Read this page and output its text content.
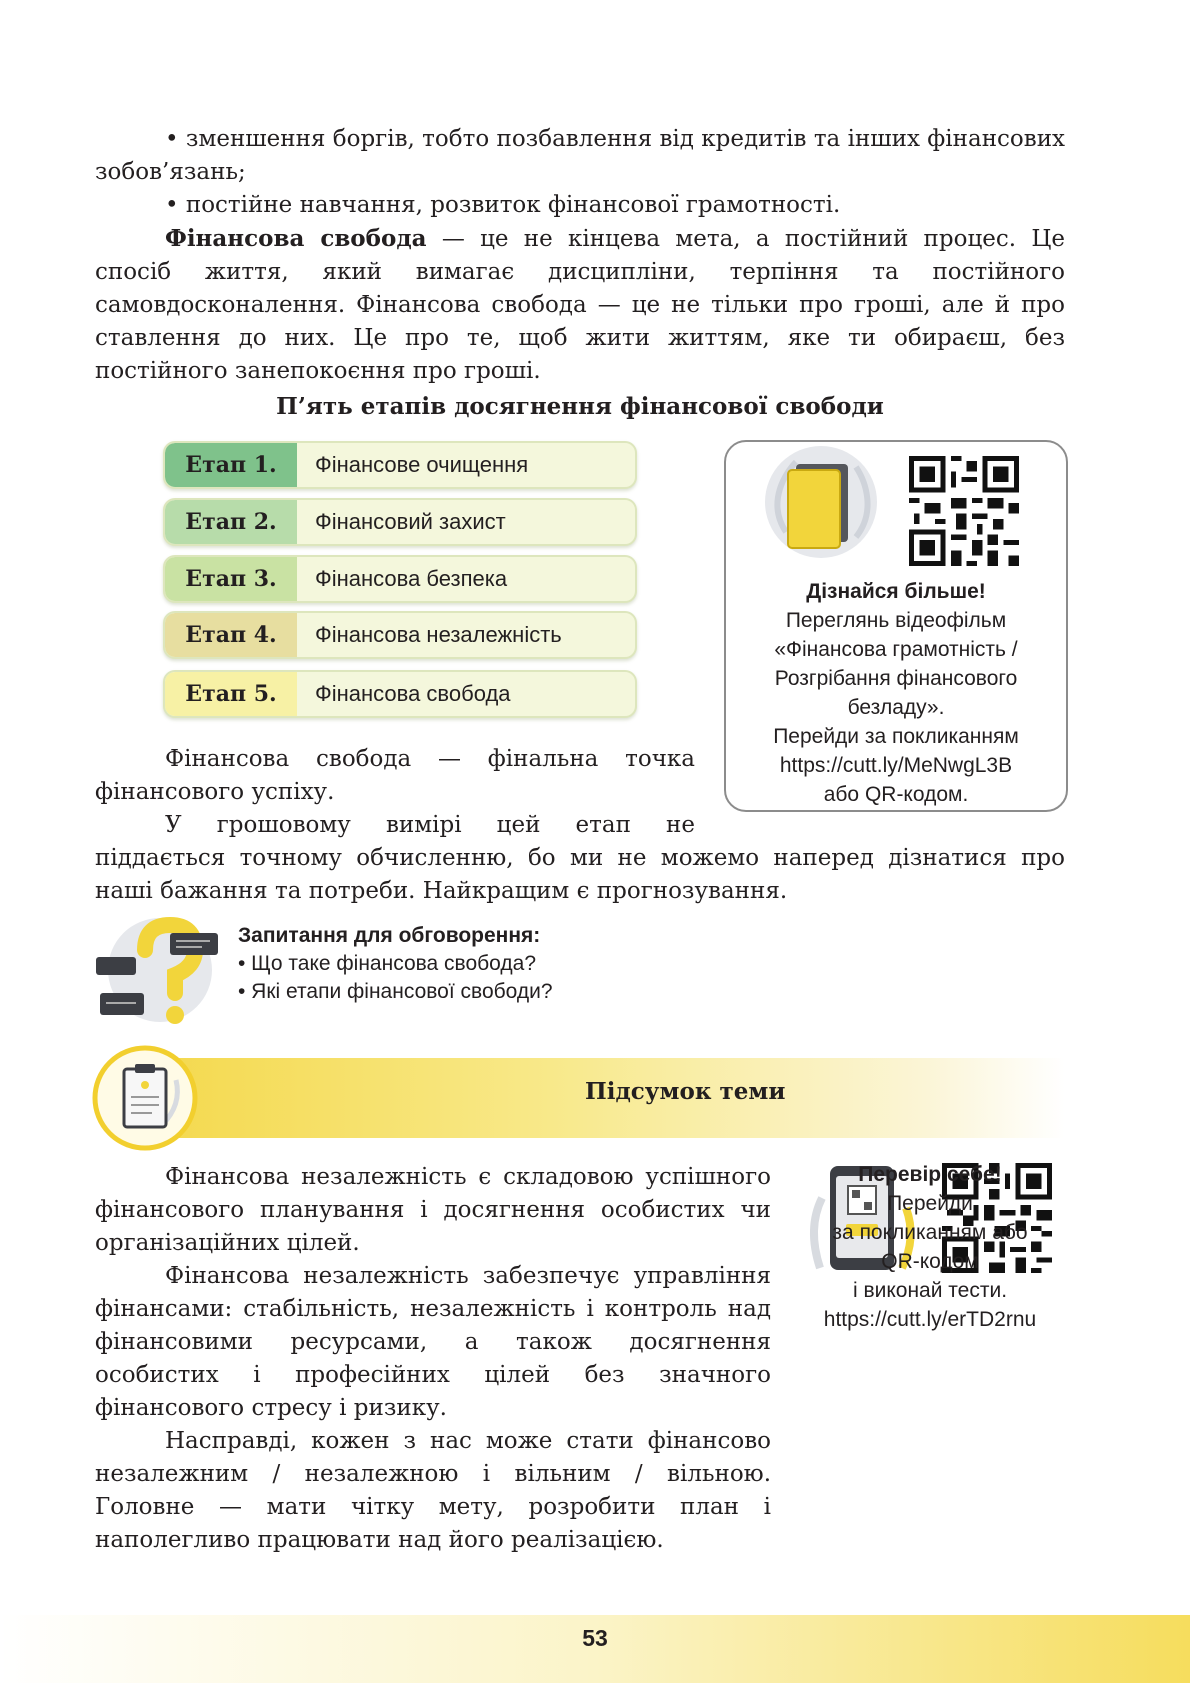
• зменшення боргів, тобто позбавлення від кредитів та інших фінансових зобов’язань;

• постійне навчання, розвиток фінансової грамотності.

Фінансова свобода — це не кінцева мета, а постійний процес. Це спосіб життя, який вимагає дисципліни, терпіння та постійного самовдосконалення. Фінансова свобода — це не тільки про гроші, але й про ставлення до них. Це про те, щоб жити життям, яке ти обираєш, без постійного занепокоєння про гроші.

П’ять етапів досягнення фінансової свободи
Етап 1.	Фінансове очищення
Етап 2.	Фінансовий захист
Етап 3.	Фінансова безпека
Етап 4.	Фінансова незалежність
Етап 5.	Фінансова свобода
Дізнайся більше!
Переглянь відеофільм
«Фінансова грамотність /
Розгрібання фінансового
безладу».
Перейди за покликанням
https://cutt.ly/MeNwgL3B
або QR-кодом.

Фінансова свобода — фінальна точка фінансового успіху.

У грошовому вимірі цей етап не

піддається точному обчисленню, бо ми не можемо наперед дізнатися про наші бажання та потреби. Найкращим є прогнозування.

Запитання для обговорення:
• Що таке фінансова свобода?
• Які етапи фінансової свободи?
Підсумок теми

Фінансова незалежність є складовою успішного фінансового планування і досягнення особистих чи організаційних цілей.

Фінансова незалежність забезпечує управління фінансами: стабільність, незалежність і контроль над фінансовими ресурсами, а також досягнення особистих і професійних цілей без значного фінансового стресу і ризику.

Насправді, кожен з нас може стати фінансово незалежним / незалежною і вільним / вільною. Головне — мати чітку мету, розробити план і наполегливо працювати над його реалізацією.

Перевір себе!
Перейди
за покликанням або
QR-кодом
і виконай тести.
https://cutt.ly/erTD2rnu
53
